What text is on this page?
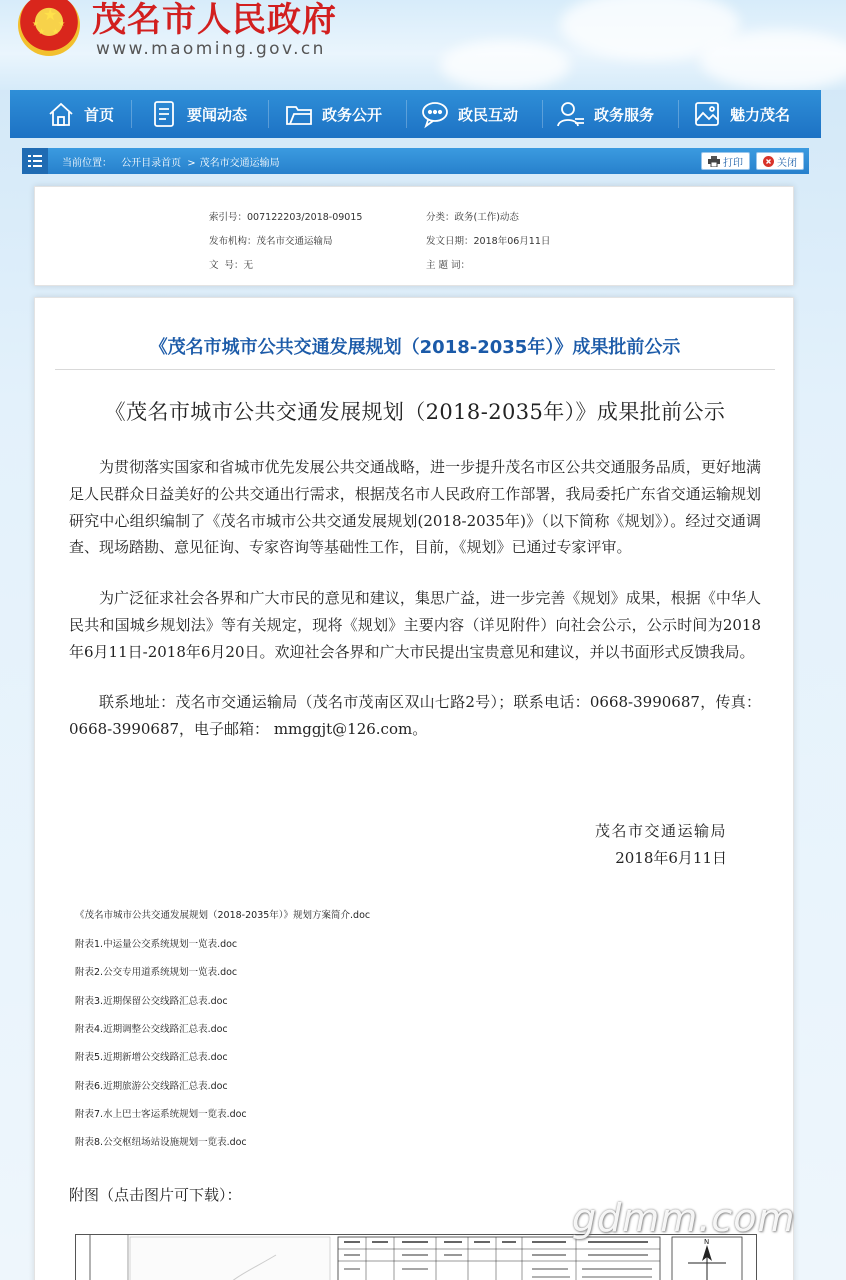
★
★
★ ★
★ 茂名市人民政府
www.maoming.gov.cn
首页	要闻动态	政务公开	政民互动	政务服务	魅力茂名
当前位置： 公开目录首页 > 茂名市交通运输局	打印	关闭
索引号：007122203/2018-09015	分类：政务(工作)动态
发布机构：茂名市交通运输局	发文日期：2018年06月11日
文  号：无	主 题 词：
《茂名市城市公共交通发展规划（2018-2035年）》成果批前公示
《茂名市城市公共交通发展规划（2018-2035年）》成果批前公示
为贯彻落实国家和省城市优先发展公共交通战略，进一步提升茂名市区公共交通服务品质，更好地满足人民群众日益美好的公共交通出行需求，根据茂名市人民政府工作部署，我局委托广东省交通运输规划研究中心组织编制了《茂名市城市公共交通发展规划(2018-2035年)》（以下简称《规划》）。经过交通调查、现场踏勘、意见征询、专家咨询等基础性工作，目前，《规划》已通过专家评审。
为广泛征求社会各界和广大市民的意见和建议，集思广益，进一步完善《规划》成果，根据《中华人民共和国城乡规划法》等有关规定，现将《规划》主要内容（详见附件）向社会公示，公示时间为2018年6月11日-2018年6月20日。欢迎社会各界和广大市民提出宝贵意见和建议，并以书面形式反馈我局。
联系地址：茂名市交通运输局（茂名市茂南区双山七路2号）；联系电话：0668-3990687，传真：0668-3990687，电子邮箱： mmggjt@126.com。
茂名市交通运输局
2018年6月11日
《茂名市城市公共交通发展规划（2018-2035年）》规划方案简介.doc
附表1.中运量公交系统规划一览表.doc
附表2.公交专用道系统规划一览表.doc
附表3.近期保留公交线路汇总表.doc
附表4.近期调整公交线路汇总表.doc
附表5.近期新增公交线路汇总表.doc
附表6.近期旅游公交线路汇总表.doc
附表7.水上巴士客运系统规划一览表.doc
附表8.公交枢纽场站设施规划一览表.doc
附图（点击图片可下载）：
N
gdmm.com
